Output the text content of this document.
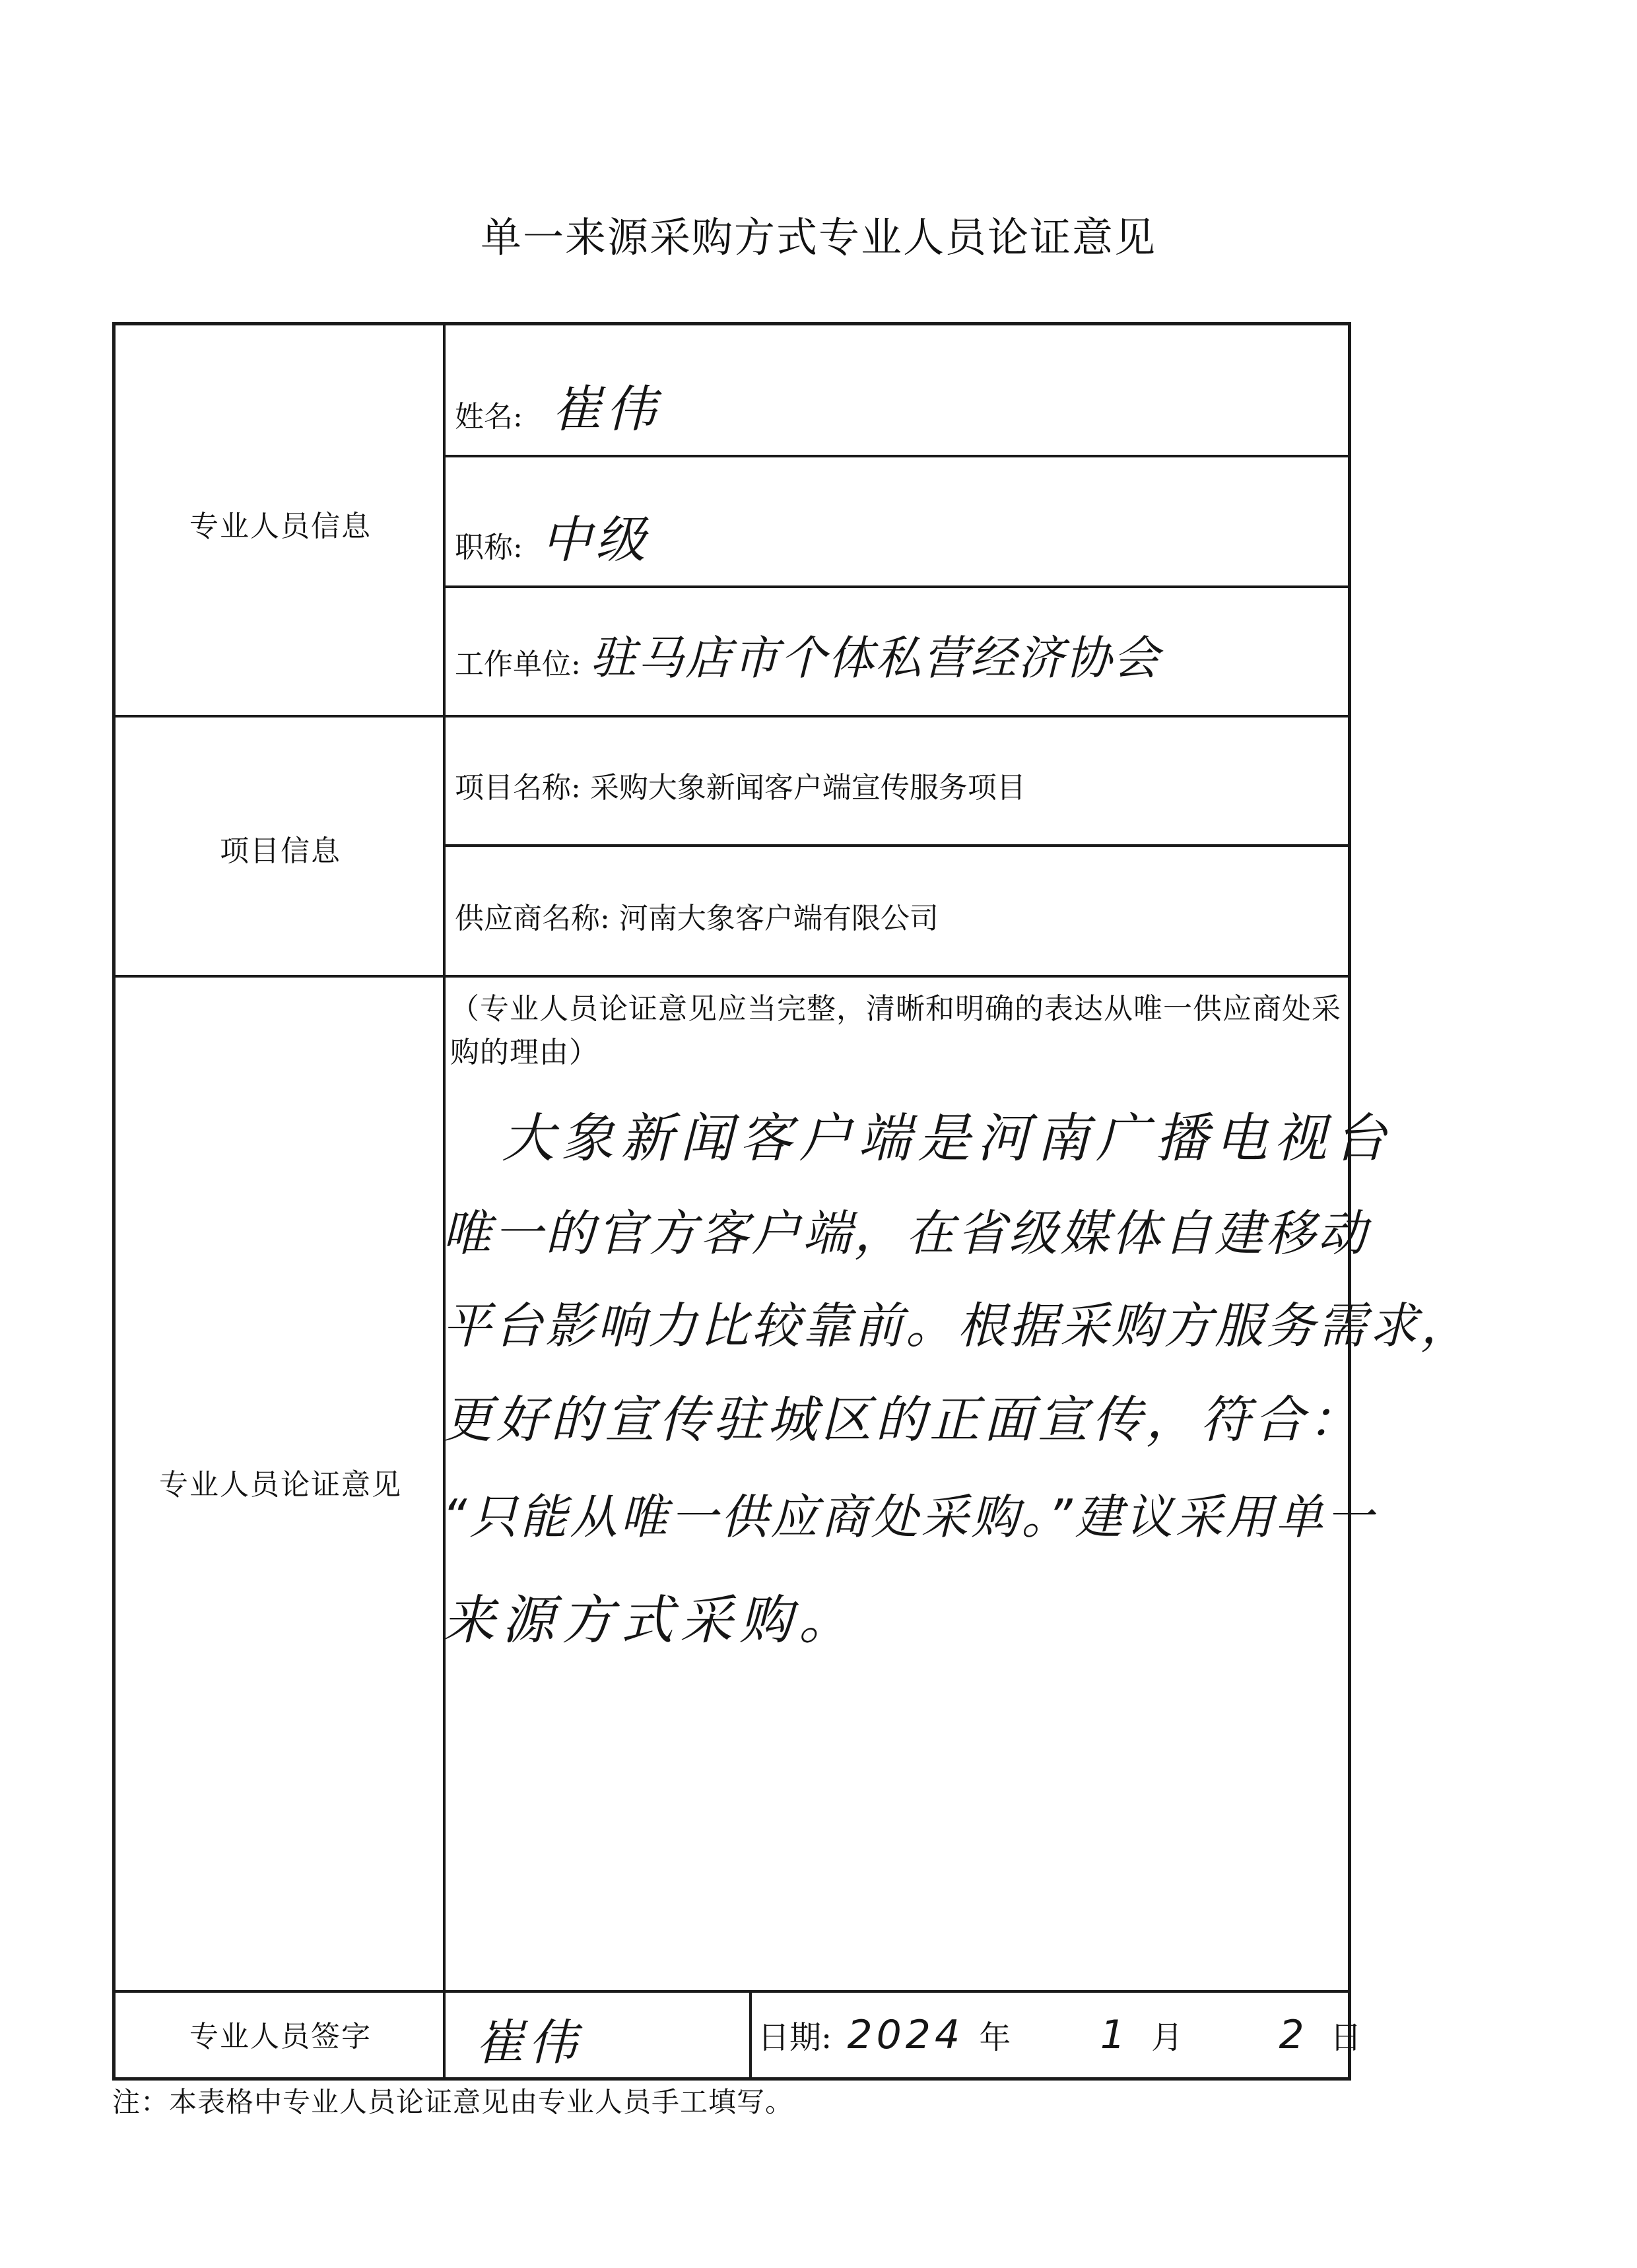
单一来源采购方式专业人员论证意见
专业人员信息
项目信息
专业人员论证意见
专业人员签字
姓名: 崔伟
职称: 中级
工作单位: 驻马店市个体私营经济协会
项目名称: 采购大象新闻客户端宣传服务项目
供应商名称: 河南大象客户端有限公司
（专业人员论证意见应当完整，清晰和明确的表达从唯一供应商处采购的理由）
大象新闻客户端是河南广播电视台
唯一的官方客户端，在省级媒体自建移动
平台影响力比较靠前。根据采购方服务需求，
更好的宣传驻城区的正面宣传，符合：
“只能从唯一供应商处采购。”建议采用单一
来源方式采购。
崔伟	日期: 2024 年 1 月 2 日
注：本表格中专业人员论证意见由专业人员手工填写。
